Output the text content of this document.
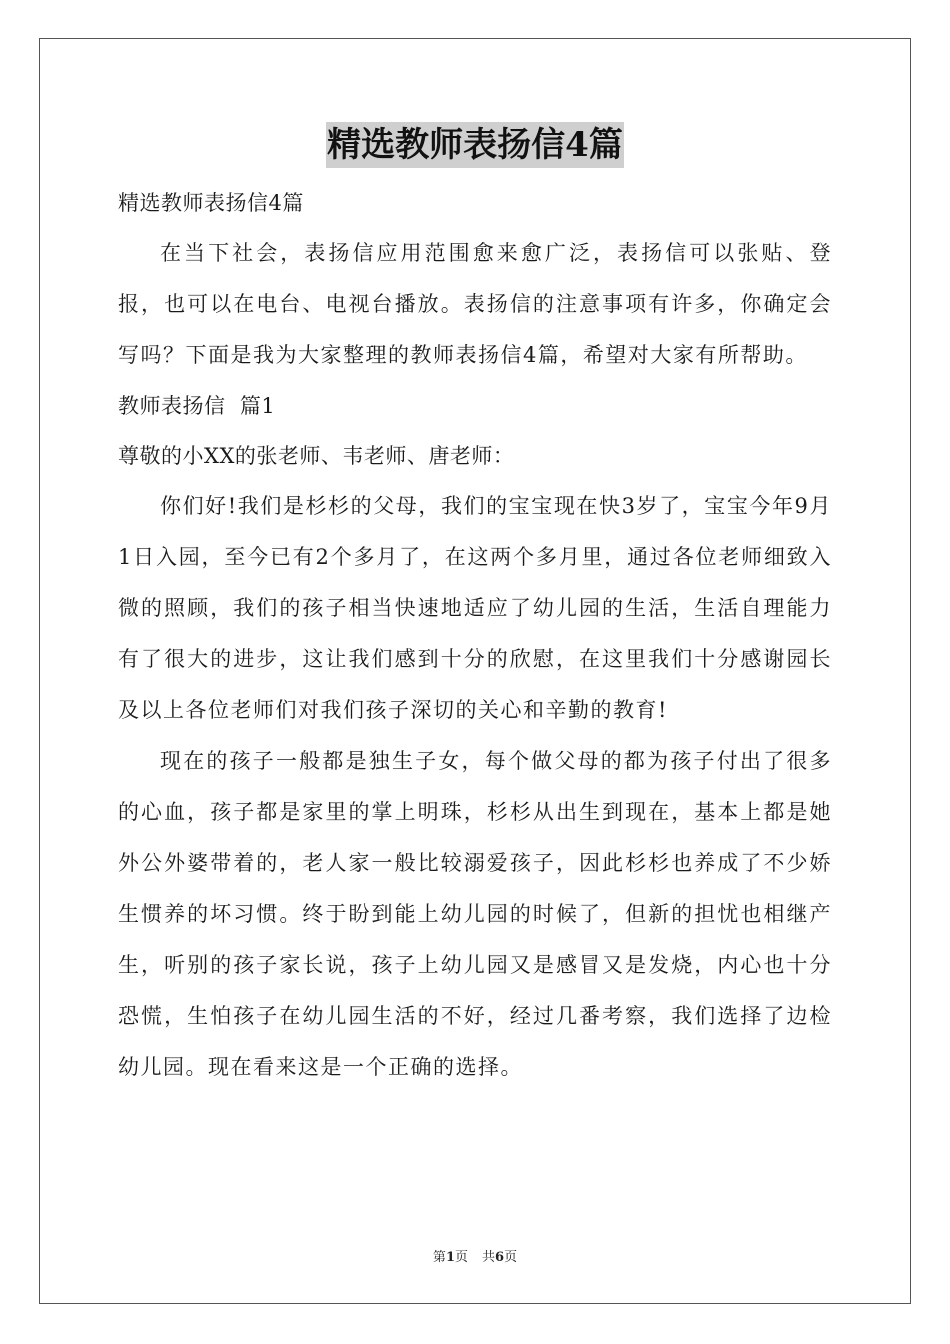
精选教师表扬信4篇

精选教师表扬信4篇

在当下社会，表扬信应用范围愈来愈广泛，表扬信可以张贴、登报，也可以在电台、电视台播放。表扬信的注意事项有许多，你确定会写吗？下面是我为大家整理的教师表扬信4篇，希望对大家有所帮助。

教师表扬信  篇1

尊敬的小XX的张老师、韦老师、唐老师：

你们好!我们是杉杉的父母，我们的宝宝现在快3岁了，宝宝今年9月1日入园，至今已有2个多月了，在这两个多月里，通过各位老师细致入微的照顾，我们的孩子相当快速地适应了幼儿园的生活，生活自理能力有了很大的进步，这让我们感到十分的欣慰，在这里我们十分感谢园长及以上各位老师们对我们孩子深切的关心和辛勤的教育!

现在的孩子一般都是独生子女，每个做父母的都为孩子付出了很多的心血，孩子都是家里的掌上明珠，杉杉从出生到现在，基本上都是她外公外婆带着的，老人家一般比较溺爱孩子，因此杉杉也养成了不少娇生惯养的坏习惯。终于盼到能上幼儿园的时候了，但新的担忧也相继产生，听别的孩子家长说，孩子上幼儿园又是感冒又是发烧，内心也十分恐慌，生怕孩子在幼儿园生活的不好，经过几番考察，我们选择了边检幼儿园。现在看来这是一个正确的选择。

第1页 共6页
